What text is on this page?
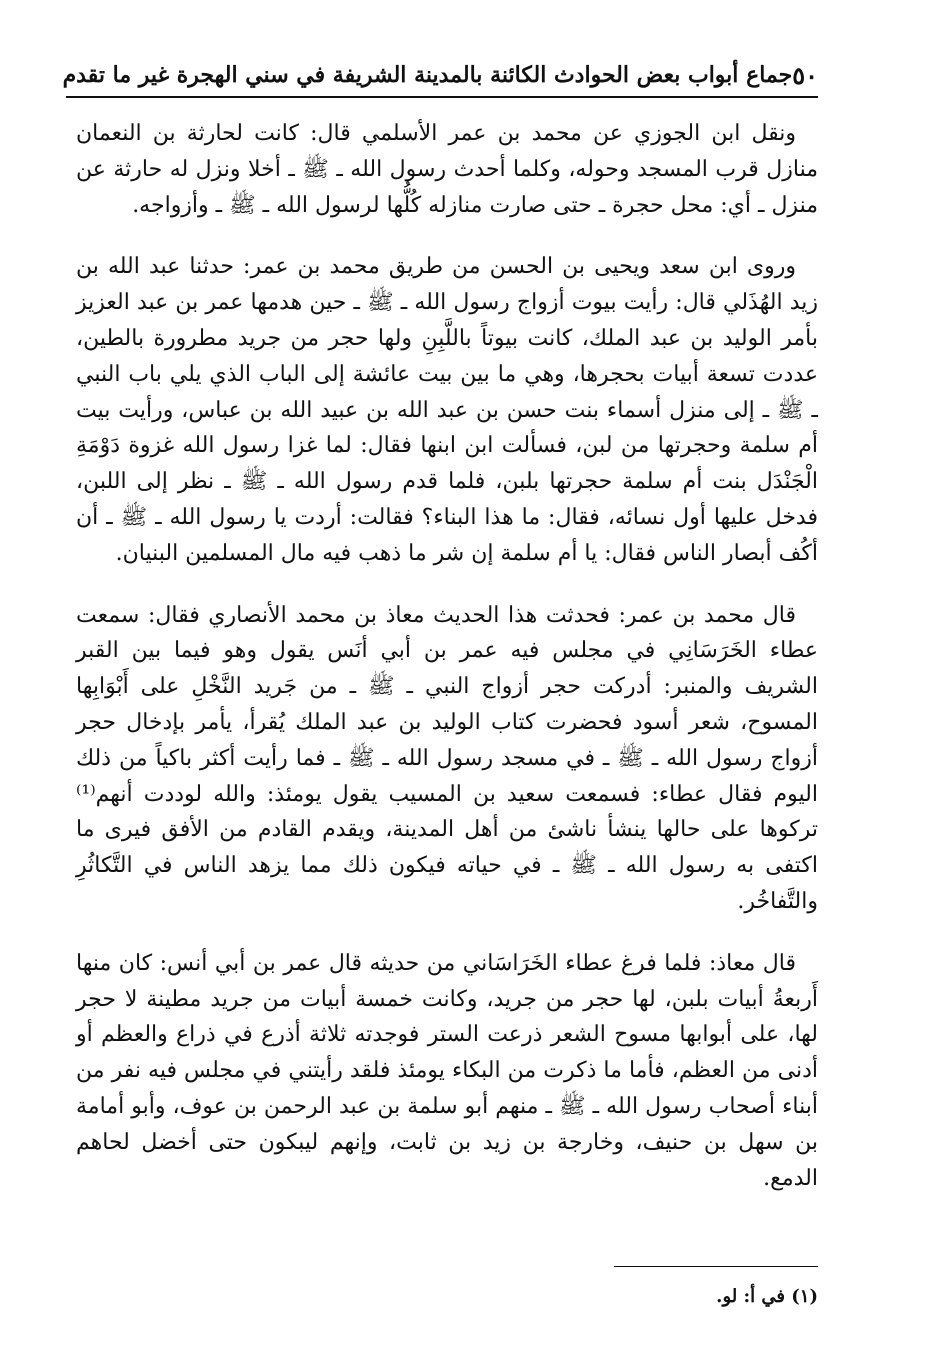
٥٠
جماع أبواب بعض الحوادث الكائنة بالمدينة الشريفة في سني الهجرة غير ما تقدم

ونقل ابن الجوزي عن محمد بن عمر الأسلمي قال: كانت لحارثة بن النعمان منازل قرب المسجد وحوله، وكلما أحدث رسول الله ـ ﷺ ـ أخلا ونزل له حارثة عن منزل ـ أي: محل حجرة ـ حتى صارت منازله كُلُّها لرسول الله ـ ﷺ ـ وأزواجه.

وروى ابن سعد ويحيى بن الحسن من طريق محمد بن عمر: حدثنا عبد الله بن زيد الهُذَلي قال: رأيت بيوت أزواج رسول الله ـ ﷺ ـ حين هدمها عمر بن عبد العزيز بأمر الوليد بن عبد الملك، كانت بيوتاً باللَّبِنِ ولها حجر من جريد مطرورة بالطين، عددت تسعة أبيات بحجرها، وهي ما بين بيت عائشة إلى الباب الذي يلي باب النبي ـ ﷺ ـ إلى منزل أسماء بنت حسن بن عبد الله بن عبيد الله بن عباس، ورأيت بيت أم سلمة وحجرتها من لبن، فسألت ابن ابنها فقال: لما غزا رسول الله غزوة دَوْمَةِ الْجَنْدَل بنت أم سلمة حجرتها بلبن، فلما قدم رسول الله ـ ﷺ ـ نظر إلى اللبن، فدخل عليها أول نسائه، فقال: ما هذا البناء؟ فقالت: أردت يا رسول الله ـ ﷺ ـ أن أكُف أبصار الناس فقال: يا أم سلمة إن شر ما ذهب فيه مال المسلمين البنيان.

قال محمد بن عمر: فحدثت هذا الحديث معاذ بن محمد الأنصاري فقال: سمعت عطاء الخَرَسَانِي في مجلس فيه عمر بن أبي أنَس يقول وهو فيما بين القبر الشريف والمنبر: أدركت حجر أزواج النبي ـ ﷺ ـ من جَريد النَّخْلِ على أَبْوَابِها المسوح، شعر أسود فحضرت كتاب الوليد بن عبد الملك يُقرأ، يأمر بإدخال حجر أزواج رسول الله ـ ﷺ ـ في مسجد رسول الله ـ ﷺ ـ فما رأيت أكثر باكياً من ذلك اليوم فقال عطاء: فسمعت سعيد بن المسيب يقول يومئذ: والله لوددت أنهم⁽¹⁾ تركوها على حالها ينشأ ناشئ من أهل المدينة، ويقدم القادم من الأفق فيرى ما اكتفى به رسول الله ـ ﷺ ـ في حياته فيكون ذلك مما يزهد الناس في التَّكاثُرِ والتَّفاخُر.

قال معاذ: فلما فرغ عطاء الخَرَاسَاني من حديثه قال عمر بن أبي أنس: كان منها أَربعةُ أبيات بلبن، لها حجر من جريد، وكانت خمسة أبيات من جريد مطينة لا حجر لها، على أبوابها مسوح الشعر ذرعت الستر فوجدته ثلاثة أذرع في ذراع والعظم أو أدنى من العظم، فأما ما ذكرت من البكاء يومئذ فلقد رأيتني في مجلس فيه نفر من أبناء أصحاب رسول الله ـ ﷺ ـ منهم أبو سلمة بن عبد الرحمن بن عوف، وأبو أمامة بن سهل بن حنيف، وخارجة بن زيد بن ثابت، وإنهم ليبكون حتى أخضل لحاهم الدمع.

(١) في أ: لو.
